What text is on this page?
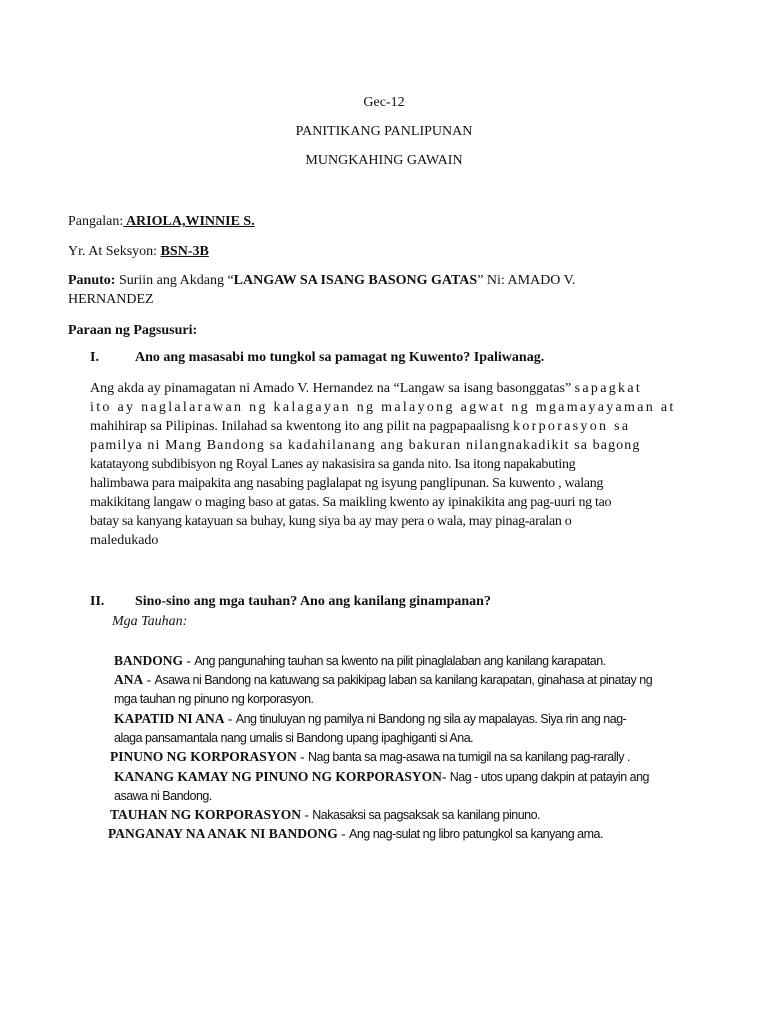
Gec-12
PANITIKANG PANLIPUNAN
MUNGKAHING GAWAIN
Pangalan: ARIOLA,WINNIE S.
Yr. At Seksyon: BSN-3B
Panuto: Suriin ang Akdang “LANGAW SA ISANG BASONG GATAS” Ni: AMADO V.
HERNANDEZ
Paraan ng Pagsusuri:
I.	Ano ang masasabi mo tungkol sa pamagat ng Kuwento? Ipaliwanag.
Ang akda ay pinamagatan ni Amado V. Hernandez na “Langaw sa isang basonggatas” sapagkat
ito ay naglalarawan ng kalagayan ng malayong agwat ng mgamayayaman at
mahihirap sa Pilipinas. Inilahad sa kwentong ito ang pilit na pagpapaalisng korporasyon sa
pamilya ni Mang Bandong sa kadahilanang ang bakuran nilangnakadikit sa bagong
katatayong subdibisyon ng Royal Lanes ay nakasisira sa ganda nito. Isa itong napakabuting
halimbawa para maipakita ang nasabing paglalapat ng isyung panglipunan. Sa kuwento , walang
makikitang langaw o maging baso at gatas. Sa maikling kwento ay ipinakikita ang pag-uuri ng tao
batay sa kanyang katayuan sa buhay, kung siya ba ay may pera o wala, may pinag-aralan o
maledukado
II. Sino-sino ang mga tauhan? Ano ang kanilang ginampanan?
Mga Tauhan:
BANDONG - Ang pangunahing tauhan sa kwento na pilit pinaglalaban ang kanilang karapatan.
ANA - Asawa ni Bandong na katuwang sa pakikipag laban sa kanilang karapatan, ginahasa at pinatay ng
mga tauhan ng pinuno ng korporasyon.
KAPATID NI ANA - Ang tinuluyan ng pamilya ni Bandong ng sila ay mapalayas. Siya rin ang nag-
alaga pansamantala nang umalis si Bandong upang ipaghiganti si Ana.
PINUNO NG KORPORASYON - Nag banta sa mag-asawa na tumigil na sa kanilang pag-rarally .
KANANG KAMAY NG PINUNO NG KORPORASYON- Nag - utos upang dakpin at patayin ang
asawa ni Bandong.
TAUHAN NG KORPORASYON - Nakasaksi sa pagsaksak sa kanilang pinuno.
PANGANAY NA ANAK NI BANDONG - Ang nag-sulat ng libro patungkol sa kanyang ama.
